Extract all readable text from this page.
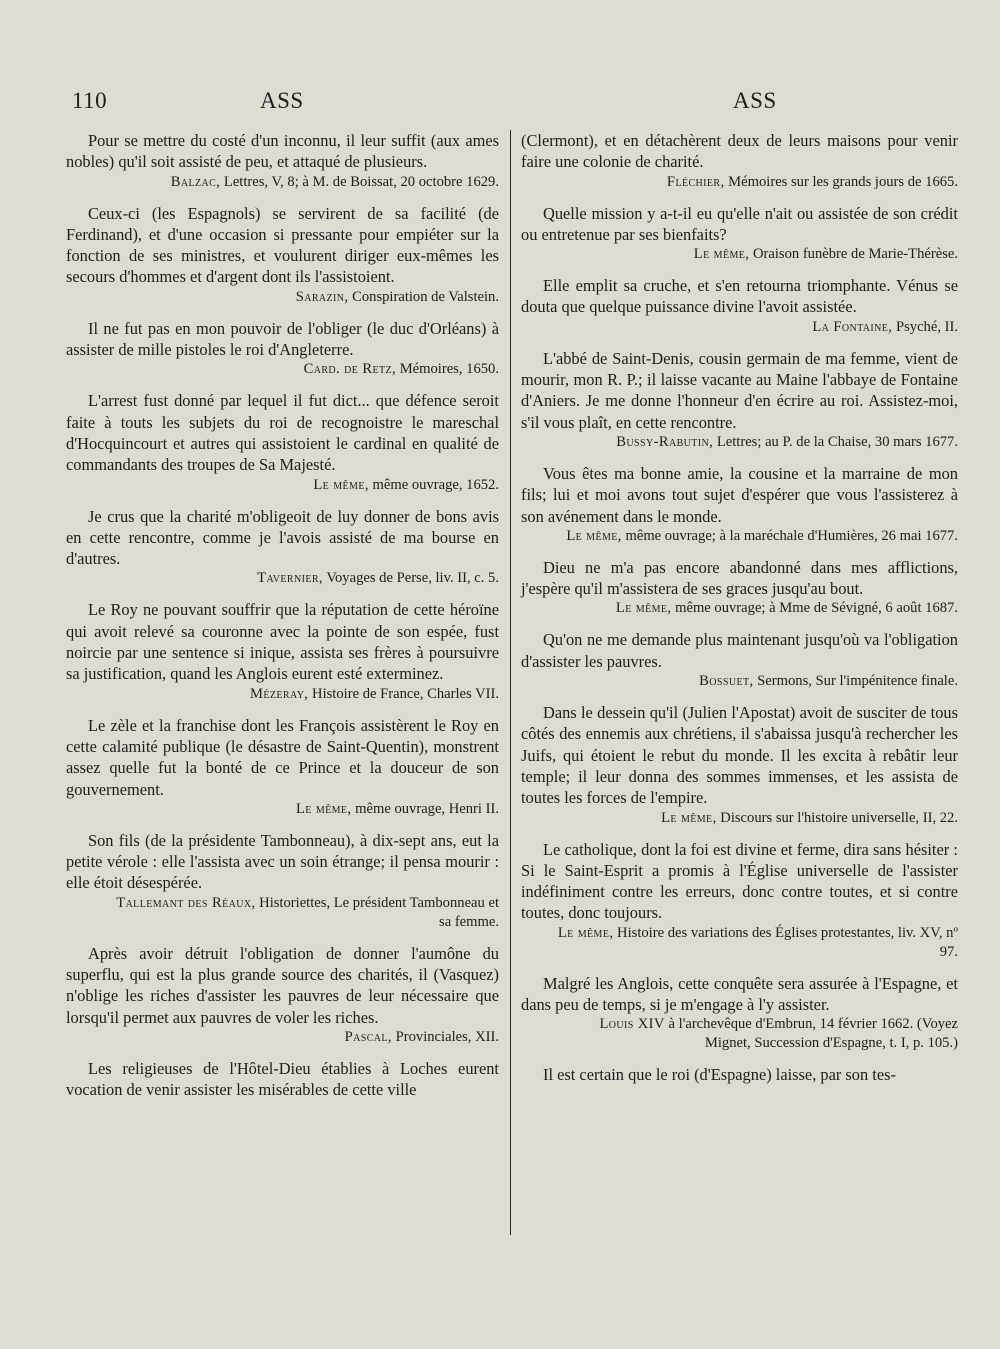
110	ASS	ASS

Pour se mettre du costé d'un inconnu, il leur suffit (aux ames nobles) qu'il soit assisté de peu, et attaqué de plusieurs.

Balzac, Lettres, V, 8; à M. de Boissat, 20 octobre 1629.

Ceux-ci (les Espagnols) se servirent de sa facilité (de Ferdinand), et d'une occasion si pressante pour empiéter sur la fonction de ses ministres, et voulurent diriger eux-mêmes les secours d'hommes et d'argent dont ils l'assistoient.

Sarazin, Conspiration de Valstein.

Il ne fut pas en mon pouvoir de l'obliger (le duc d'Orléans) à assister de mille pistoles le roi d'Angleterre.

Card. de Retz, Mémoires, 1650.

L'arrest fust donné par lequel il fut dict... que défence seroit faite à touts les subjets du roi de recognoistre le mareschal d'Hocquincourt et autres qui assistoient le cardinal en qualité de commandants des troupes de Sa Majesté.

Le même, même ouvrage, 1652.

Je crus que la charité m'obligeoit de luy donner de bons avis en cette rencontre, comme je l'avois assisté de ma bourse en d'autres.

Tavernier, Voyages de Perse, liv. II, c. 5.

Le Roy ne pouvant souffrir que la réputation de cette héroïne qui avoit relevé sa couronne avec la pointe de son espée, fust noircie par une sentence si inique, assista ses frères à poursuivre sa justification, quand les Anglois eurent esté exterminez.

Mézeray, Histoire de France, Charles VII.

Le zèle et la franchise dont les François assistèrent le Roy en cette calamité publique (le désastre de Saint-Quentin), monstrent assez quelle fut la bonté de ce Prince et la douceur de son gouvernement.

Le même, même ouvrage, Henri II.

Son fils (de la présidente Tambonneau), à dix-sept ans, eut la petite vérole : elle l'assista avec un soin étrange; il pensa mourir : elle étoit désespérée.

Tallemant des Réaux, Historiettes, Le président Tambonneau et sa femme.

Après avoir détruit l'obligation de donner l'aumône du superflu, qui est la plus grande source des charités, il (Vasquez) n'oblige les riches d'assister les pauvres de leur nécessaire que lorsqu'il permet aux pauvres de voler les riches.

Pascal, Provinciales, XII.

Les religieuses de l'Hôtel-Dieu établies à Loches eurent vocation de venir assister les misérables de cette ville

(Clermont), et en détachèrent deux de leurs maisons pour venir faire une colonie de charité.

Fléchier, Mémoires sur les grands jours de 1665.

Quelle mission y a-t-il eu qu'elle n'ait ou assistée de son crédit ou entretenue par ses bienfaits?

Le même, Oraison funèbre de Marie-Thérèse.

Elle emplit sa cruche, et s'en retourna triomphante. Vénus se douta que quelque puissance divine l'avoit assistée.

La Fontaine, Psyché, II.

L'abbé de Saint-Denis, cousin germain de ma femme, vient de mourir, mon R. P.; il laisse vacante au Maine l'abbaye de Fontaine d'Aniers. Je me donne l'honneur d'en écrire au roi. Assistez-moi, s'il vous plaît, en cette rencontre.

Bussy-Rabutin, Lettres; au P. de la Chaise, 30 mars 1677.

Vous êtes ma bonne amie, la cousine et la marraine de mon fils; lui et moi avons tout sujet d'espérer que vous l'assisterez à son avénement dans le monde.

Le même, même ouvrage; à la maréchale d'Humières, 26 mai 1677.

Dieu ne m'a pas encore abandonné dans mes afflictions, j'espère qu'il m'assistera de ses graces jusqu'au bout.

Le même, même ouvrage; à Mme de Sévigné, 6 août 1687.

Qu'on ne me demande plus maintenant jusqu'où va l'obligation d'assister les pauvres.

Bossuet, Sermons, Sur l'impénitence finale.

Dans le dessein qu'il (Julien l'Apostat) avoit de susciter de tous côtés des ennemis aux chrétiens, il s'abaissa jusqu'à rechercher les Juifs, qui étoient le rebut du monde. Il les excita à rebâtir leur temple; il leur donna des sommes immenses, et les assista de toutes les forces de l'empire.

Le même, Discours sur l'histoire universelle, II, 22.

Le catholique, dont la foi est divine et ferme, dira sans hésiter : Si le Saint-Esprit a promis à l'Église universelle de l'assister indéfiniment contre les erreurs, donc contre toutes, et si contre toutes, donc toujours.

Le même, Histoire des variations des Églises protestantes, liv. XV, nº 97.

Malgré les Anglois, cette conquête sera assurée à l'Espagne, et dans peu de temps, si je m'engage à l'y assister.

Louis XIV à l'archevêque d'Embrun, 14 février 1662. (Voyez Mignet, Succession d'Espagne, t. I, p. 105.)

Il est certain que le roi (d'Espagne) laisse, par son tes-
